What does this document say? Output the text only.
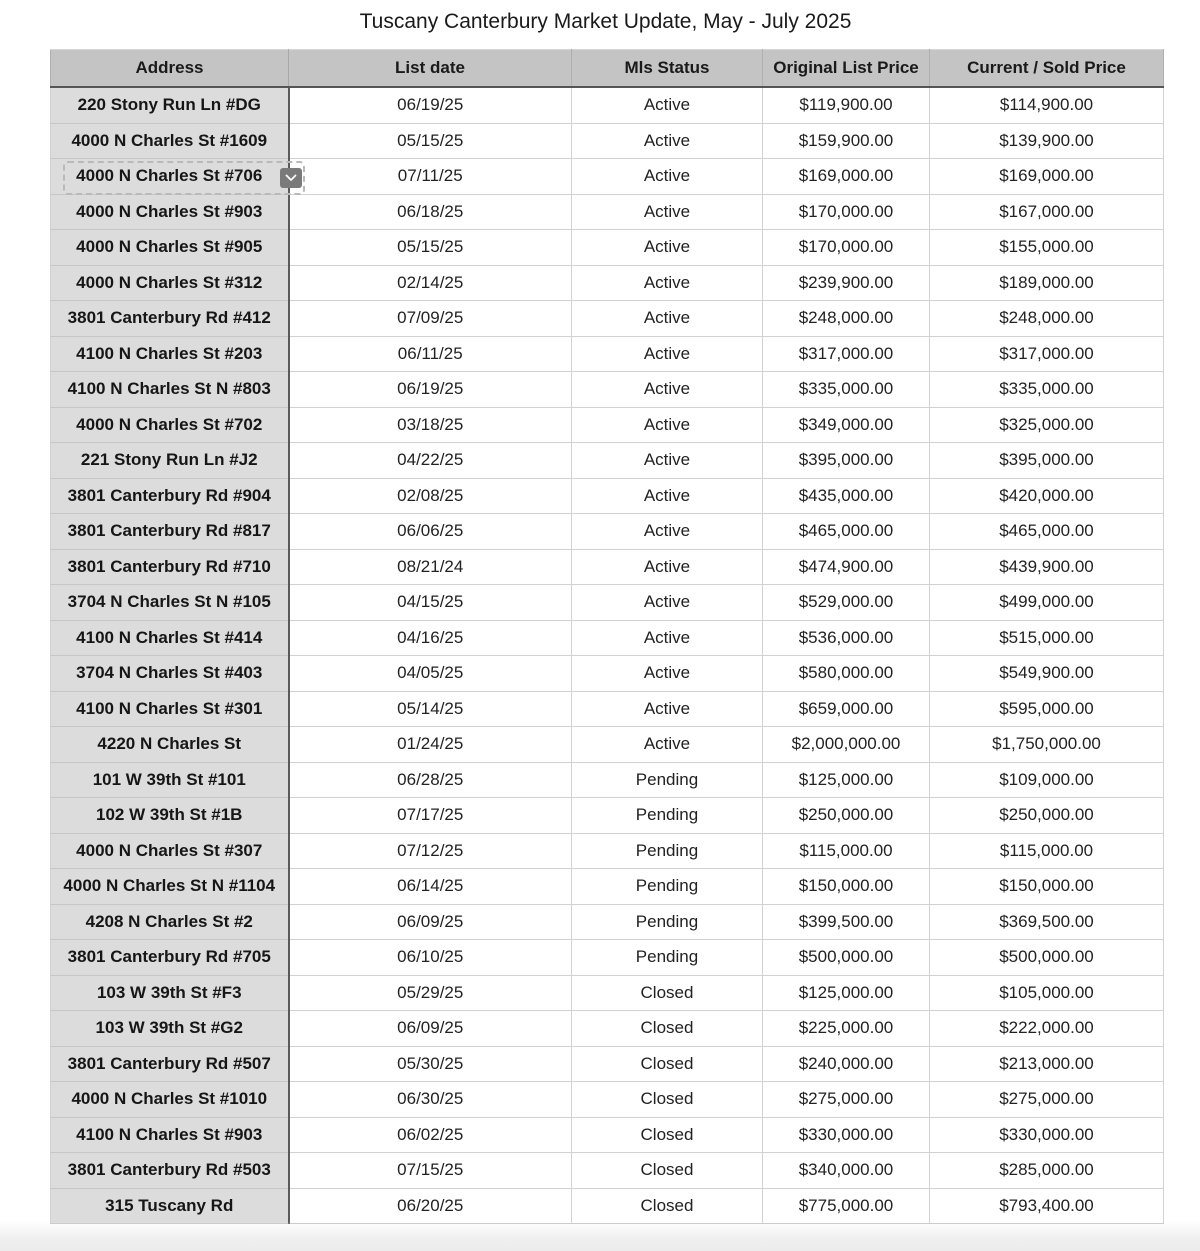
Tuscany Canterbury Market Update, May - July 2025
Address	List date	Mls Status	Original List Price	Current / Sold Price
220 Stony Run Ln #DG	06/19/25	Active	$119,900.00	$114,900.00
4000 N Charles St #1609	05/15/25	Active	$159,900.00	$139,900.00
4000 N Charles St #706	07/11/25	Active	$169,000.00	$169,000.00
4000 N Charles St #903	06/18/25	Active	$170,000.00	$167,000.00
4000 N Charles St #905	05/15/25	Active	$170,000.00	$155,000.00
4000 N Charles St #312	02/14/25	Active	$239,900.00	$189,000.00
3801 Canterbury Rd #412	07/09/25	Active	$248,000.00	$248,000.00
4100 N Charles St #203	06/11/25	Active	$317,000.00	$317,000.00
4100 N Charles St N #803	06/19/25	Active	$335,000.00	$335,000.00
4000 N Charles St #702	03/18/25	Active	$349,000.00	$325,000.00
221 Stony Run Ln #J2	04/22/25	Active	$395,000.00	$395,000.00
3801 Canterbury Rd #904	02/08/25	Active	$435,000.00	$420,000.00
3801 Canterbury Rd #817	06/06/25	Active	$465,000.00	$465,000.00
3801 Canterbury Rd #710	08/21/24	Active	$474,900.00	$439,900.00
3704 N Charles St N #105	04/15/25	Active	$529,000.00	$499,000.00
4100 N Charles St #414	04/16/25	Active	$536,000.00	$515,000.00
3704 N Charles St #403	04/05/25	Active	$580,000.00	$549,900.00
4100 N Charles St #301	05/14/25	Active	$659,000.00	$595,000.00
4220 N Charles St	01/24/25	Active	$2,000,000.00	$1,750,000.00
101 W 39th St #101	06/28/25	Pending	$125,000.00	$109,000.00
102 W 39th St #1B	07/17/25	Pending	$250,000.00	$250,000.00
4000 N Charles St #307	07/12/25	Pending	$115,000.00	$115,000.00
4000 N Charles St N #1104	06/14/25	Pending	$150,000.00	$150,000.00
4208 N Charles St #2	06/09/25	Pending	$399,500.00	$369,500.00
3801 Canterbury Rd #705	06/10/25	Pending	$500,000.00	$500,000.00
103 W 39th St #F3	05/29/25	Closed	$125,000.00	$105,000.00
103 W 39th St #G2	06/09/25	Closed	$225,000.00	$222,000.00
3801 Canterbury Rd #507	05/30/25	Closed	$240,000.00	$213,000.00
4000 N Charles St #1010	06/30/25	Closed	$275,000.00	$275,000.00
4100 N Charles St #903	06/02/25	Closed	$330,000.00	$330,000.00
3801 Canterbury Rd #503	07/15/25	Closed	$340,000.00	$285,000.00
315 Tuscany Rd	06/20/25	Closed	$775,000.00	$793,400.00
